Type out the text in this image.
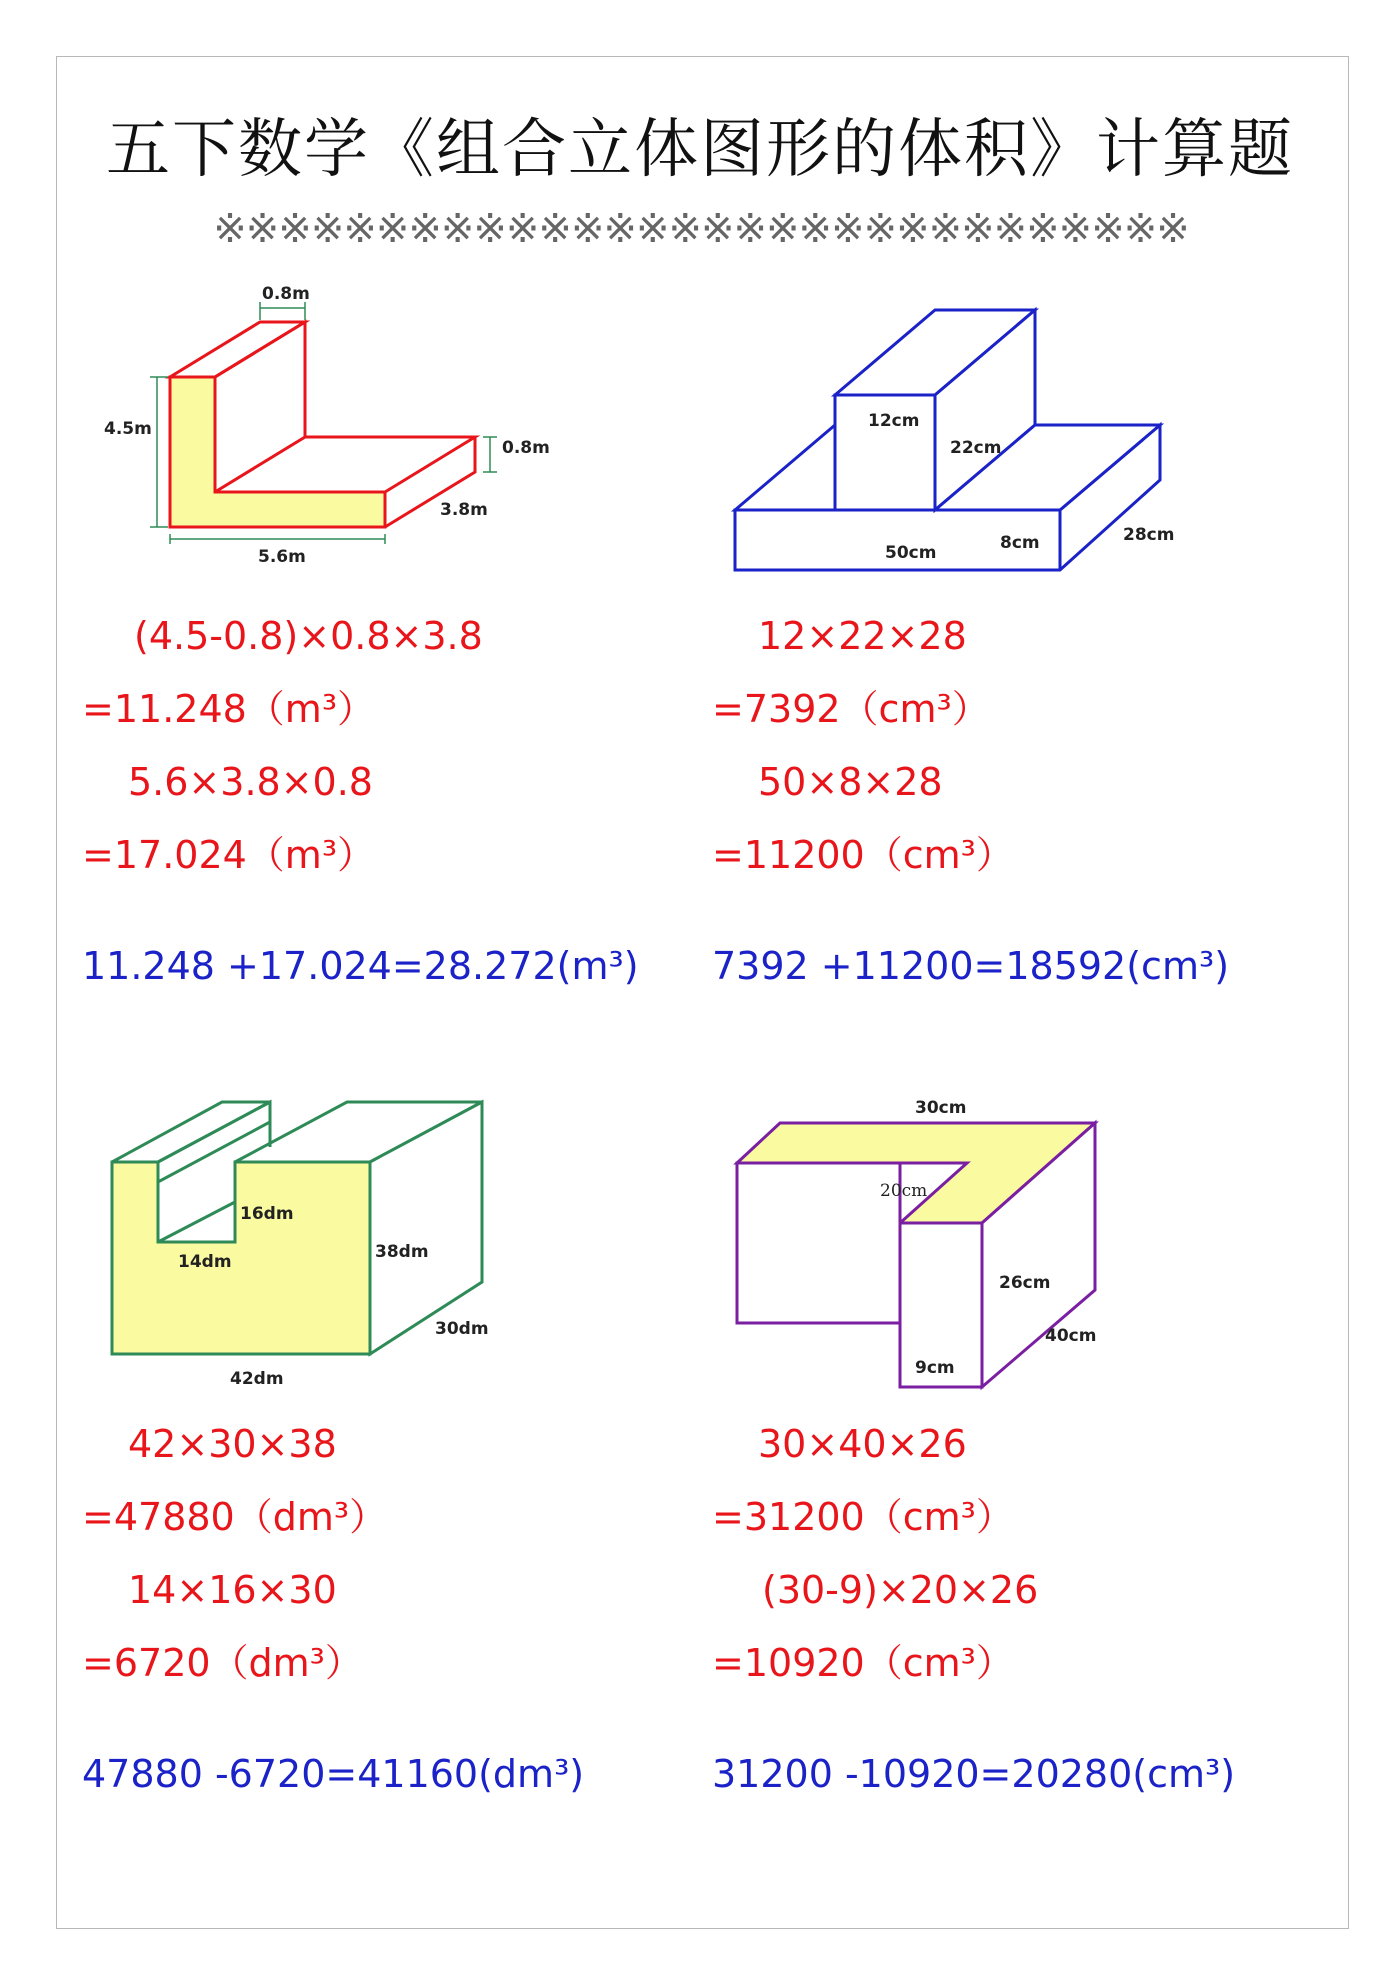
五下数学《组合立体图形的体积》计算题
※※※※※※※※※※※※※※※※※※※※※※※※※※※※※※
0.8m
4.5m
0.8m
3.8m
5.6m
12cm
22cm
50cm	8cm	28cm
16dm
14dm	38dm
30dm
42dm
30cm
20cm
26cm
40cm
9cm
(4.5-0.8)×0.8×3.8
=11.248（m³）
5.6×3.8×0.8
=17.024（m³）
11.248 +17.024=28.272(m³)
12×22×28
=7392（cm³）
50×8×28
=11200（cm³）
7392 +11200=18592(cm³)
42×30×38
=47880（dm³）
14×16×30
=6720（dm³）
47880 -6720=41160(dm³)
30×40×26
=31200（cm³）
(30-9)×20×26
=10920（cm³）
31200 -10920=20280(cm³)
